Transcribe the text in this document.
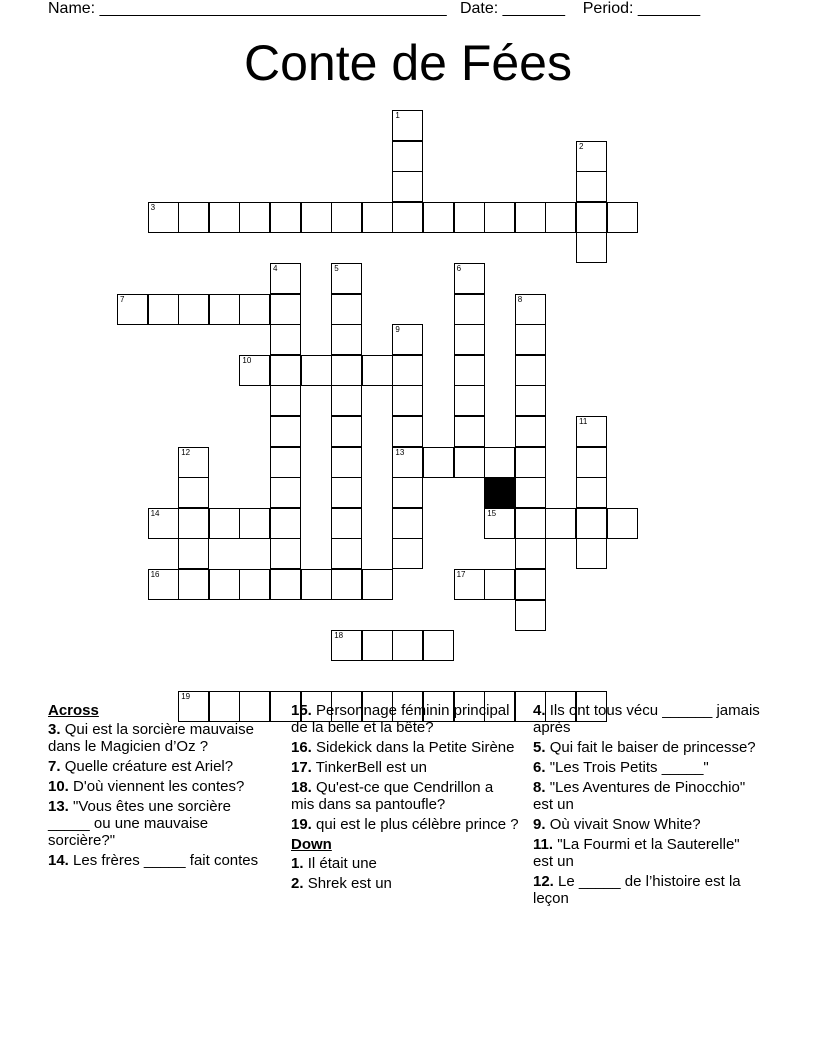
Name: _______________________________________ Date: _______ Period: _______
Conte de Fées
1
2
3
4	5	6
7	8
9
13
10
11
12
14	15
16	17
18
19
Across
3. Qui est la sorcière mauvaise dans le Magicien d’Oz ?
7. Quelle créature est Ariel?
10. D'où viennent les contes?
13. "Vous êtes une sorcière _____ ou une mauvaise sorcière?"
14. Les frères _____ fait contes
15. Personnage féminin principal de la belle et la bête?
16. Sidekick dans la Petite Sirène
17. TinkerBell est un
18. Qu'est-ce que Cendrillon a mis dans sa pantoufle?
19. qui est le plus célèbre prince ?
Down
1. Il était une
2. Shrek est un
4. Ils ont tous vécu ______ jamais après
5. Qui fait le baiser de princesse?
6. "Les Trois Petits _____"
8. "Les Aventures de Pinocchio" est un
9. Où vivait Snow White?
11. "La Fourmi et la Sauterelle" est un
12. Le _____ de l’histoire est la leçon
